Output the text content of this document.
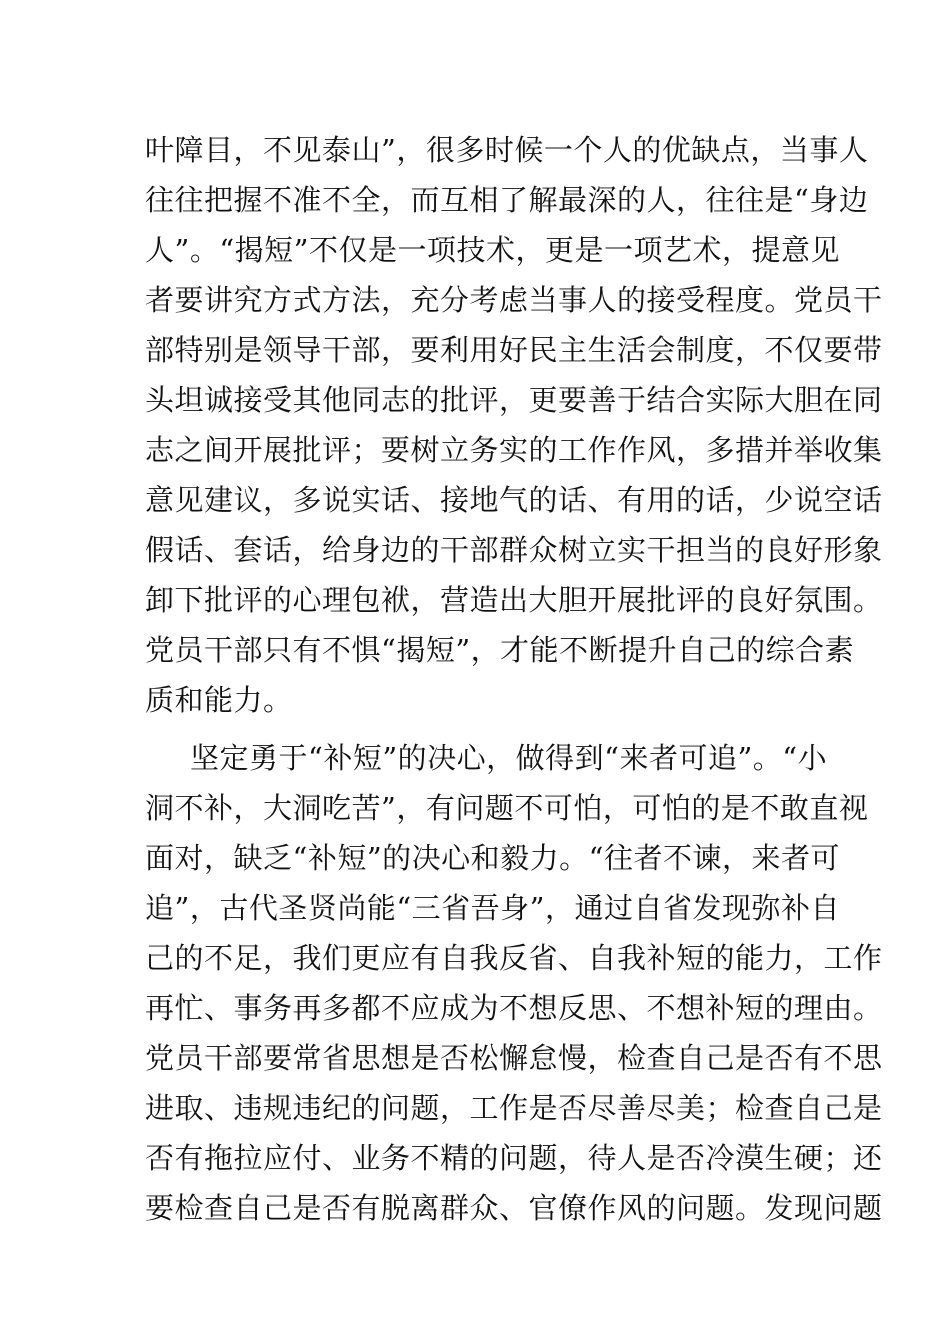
叶障目，不见泰山”，很多时候一个人的优缺点，当事人
往往把握不准不全，而互相了解最深的人，往往是“身边
人”。“揭短”不仅是一项技术，更是一项艺术，提意见
者要讲究方式方法，充分考虑当事人的接受程度。党员干
部特别是领导干部，要利用好民主生活会制度，不仅要带
头坦诚接受其他同志的批评，更要善于结合实际大胆在同
志之间开展批评；要树立务实的工作作风，多措并举收集
意见建议，多说实话、接地气的话、有用的话，少说空话
假话、套话，给身边的干部群众树立实干担当的良好形象
卸下批评的心理包袱，营造出大胆开展批评的良好氛围。
党员干部只有不惧“揭短”，才能不断提升自己的综合素
质和能力。
坚定勇于“补短”的决心，做得到“来者可追”。“小
洞不补，大洞吃苦”，有问题不可怕，可怕的是不敢直视
面对，缺乏“补短”的决心和毅力。“往者不谏，来者可
追”，古代圣贤尚能“三省吾身”，通过自省发现弥补自
己的不足，我们更应有自我反省、自我补短的能力，工作
再忙、事务再多都不应成为不想反思、不想补短的理由。
党员干部要常省思想是否松懈怠慢，检查自己是否有不思
进取、违规违纪的问题，工作是否尽善尽美；检查自己是
否有拖拉应付、业务不精的问题，待人是否冷漠生硬；还
要检查自己是否有脱离群众、官僚作风的问题。发现问题
